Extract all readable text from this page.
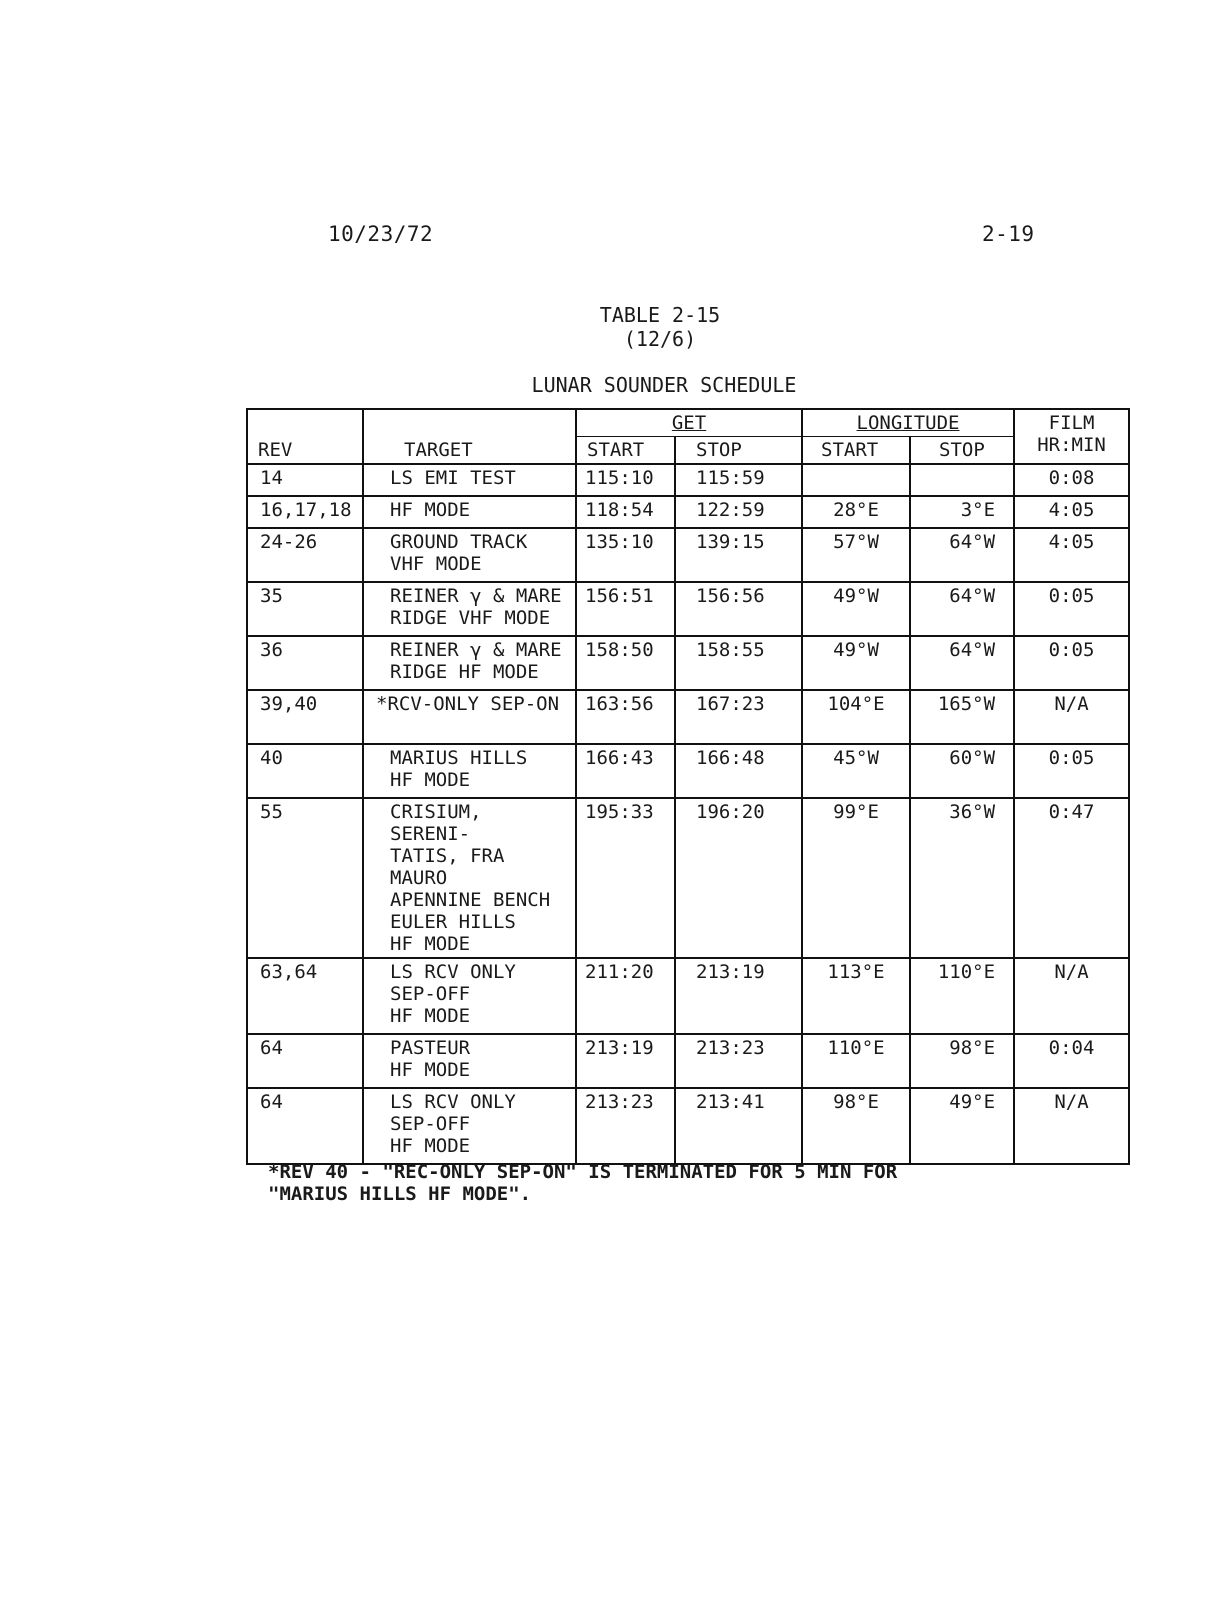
10/23/72	2-19
TABLE 2-15
(12/6)
LUNAR SOUNDER SCHEDULE
REV	TARGET	GET		LONGITUDE		FILM
HR:MIN

		START	STOP	START	STOP	
14	LS EMI TEST	115:10	115:59			0:08
16,17,18	HF MODE	118:54	122:59	28°E	3°E	4:05
24-26	GROUND TRACK
VHF MODE	135:10	139:15	57°W	64°W	4:05
35	REINER γ & MARE
RIDGE VHF MODE	156:51	156:56	49°W	64°W	0:05
36	REINER γ & MARE
RIDGE HF MODE	158:50	158:55	49°W	64°W	0:05
39,40	*RCV-ONLY SEP-ON	163:56	167:23	104°E	165°W	N/A
40	MARIUS HILLS
HF MODE	166:43	166:48	45°W	60°W	0:05
55	CRISIUM, SERENI-
TATIS, FRA MAURO
APENNINE BENCH
EULER HILLS
HF MODE	195:33	196:20	99°E	36°W	0:47
63,64	LS RCV ONLY
SEP-OFF
HF MODE	211:20	213:19	113°E	110°E	N/A
64	PASTEUR
HF MODE	213:19	213:23	110°E	98°E	0:04
64	LS RCV ONLY
SEP-OFF
HF MODE	213:23	213:41	98°E	49°E	N/A
*REV 40 - "REC-ONLY SEP-ON" IS TERMINATED FOR 5 MIN FOR
"MARIUS HILLS HF MODE".
